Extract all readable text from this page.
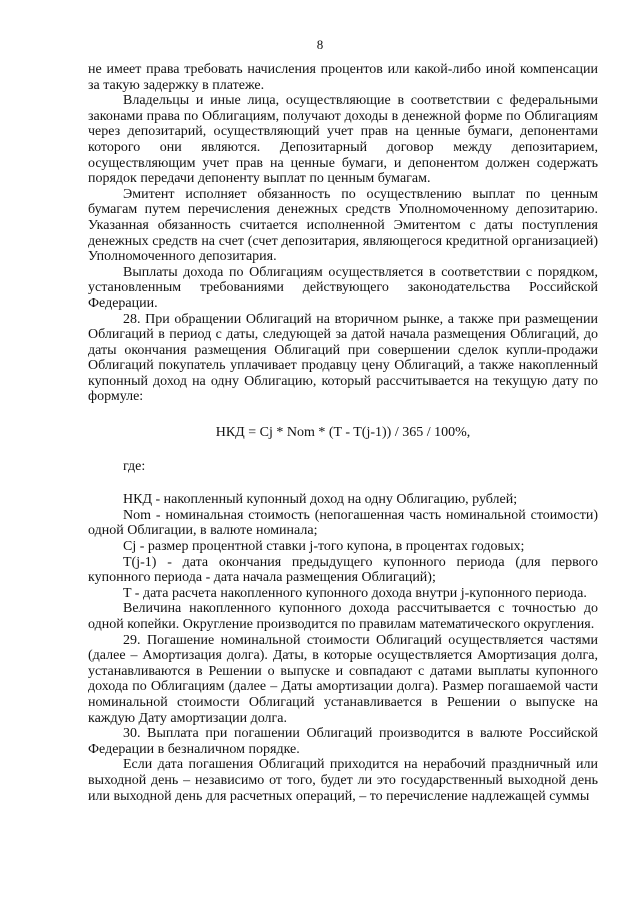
8

не имеет права требовать начисления процентов или какой-либо иной компенсации за такую задержку в платеже.

Владельцы и иные лица, осуществляющие в соответствии с федеральными законами права по Облигациям, получают доходы в денежной форме по Облигациям через депозитарий, осуществляющий учет прав на ценные бумаги, депонентами которого они являются. Депозитарный договор между депозитарием, осуществляющим учет прав на ценные бумаги, и депонентом должен содержать порядок передачи депоненту выплат по ценным бумагам.

Эмитент исполняет обязанность по осуществлению выплат по ценным бумагам путем перечисления денежных средств Уполномоченному депозитарию. Указанная обязанность считается исполненной Эмитентом с даты поступления денежных средств на счет (счет депозитария, являющегося кредитной организацией) Уполномоченного депозитария.

Выплаты дохода по Облигациям осуществляется в соответствии с порядком, установленным требованиями действующего законодательства Российской Федерации.

28. При обращении Облигаций на вторичном рынке, а также при размещении Облигаций в период с даты, следующей за датой начала размещения Облигаций, до даты окончания размещения Облигаций при совершении сделок купли-продажи Облигаций покупатель уплачивает продавцу цену Облигаций, а также накопленный купонный доход на одну Облигацию, который рассчитывается на текущую дату по формуле:

НКД = Cj * Nom * (T - T(j-1)) / 365 / 100%,

где:

НКД - накопленный купонный доход на одну Облигацию, рублей;

Nom - номинальная стоимость (непогашенная часть номинальной стоимости) одной Облигации, в валюте номинала;

Cj - размер процентной ставки j-того купона, в процентах годовых;

T(j-1) - дата окончания предыдущего купонного периода (для первого купонного периода - дата начала размещения Облигаций);

T - дата расчета накопленного купонного дохода внутри j-купонного периода.

Величина накопленного купонного дохода рассчитывается с точностью до одной копейки. Округление производится по правилам математического округления.

29. Погашение номинальной стоимости Облигаций осуществляется частями (далее – Амортизация долга). Даты, в которые осуществляется Амортизация долга, устанавливаются в Решении о выпуске и совпадают с датами выплаты купонного дохода по Облигациям (далее – Даты амортизации долга). Размер погашаемой части номинальной стоимости Облигаций устанавливается в Решении о выпуске на каждую Дату амортизации долга.

30. Выплата при погашении Облигаций производится в валюте Российской Федерации в безналичном порядке.

Если дата погашения Облигаций приходится на нерабочий праздничный или выходной день – независимо от того, будет ли это государственный выходной день или выходной день для расчетных операций, – то перечисление надлежащей суммы
